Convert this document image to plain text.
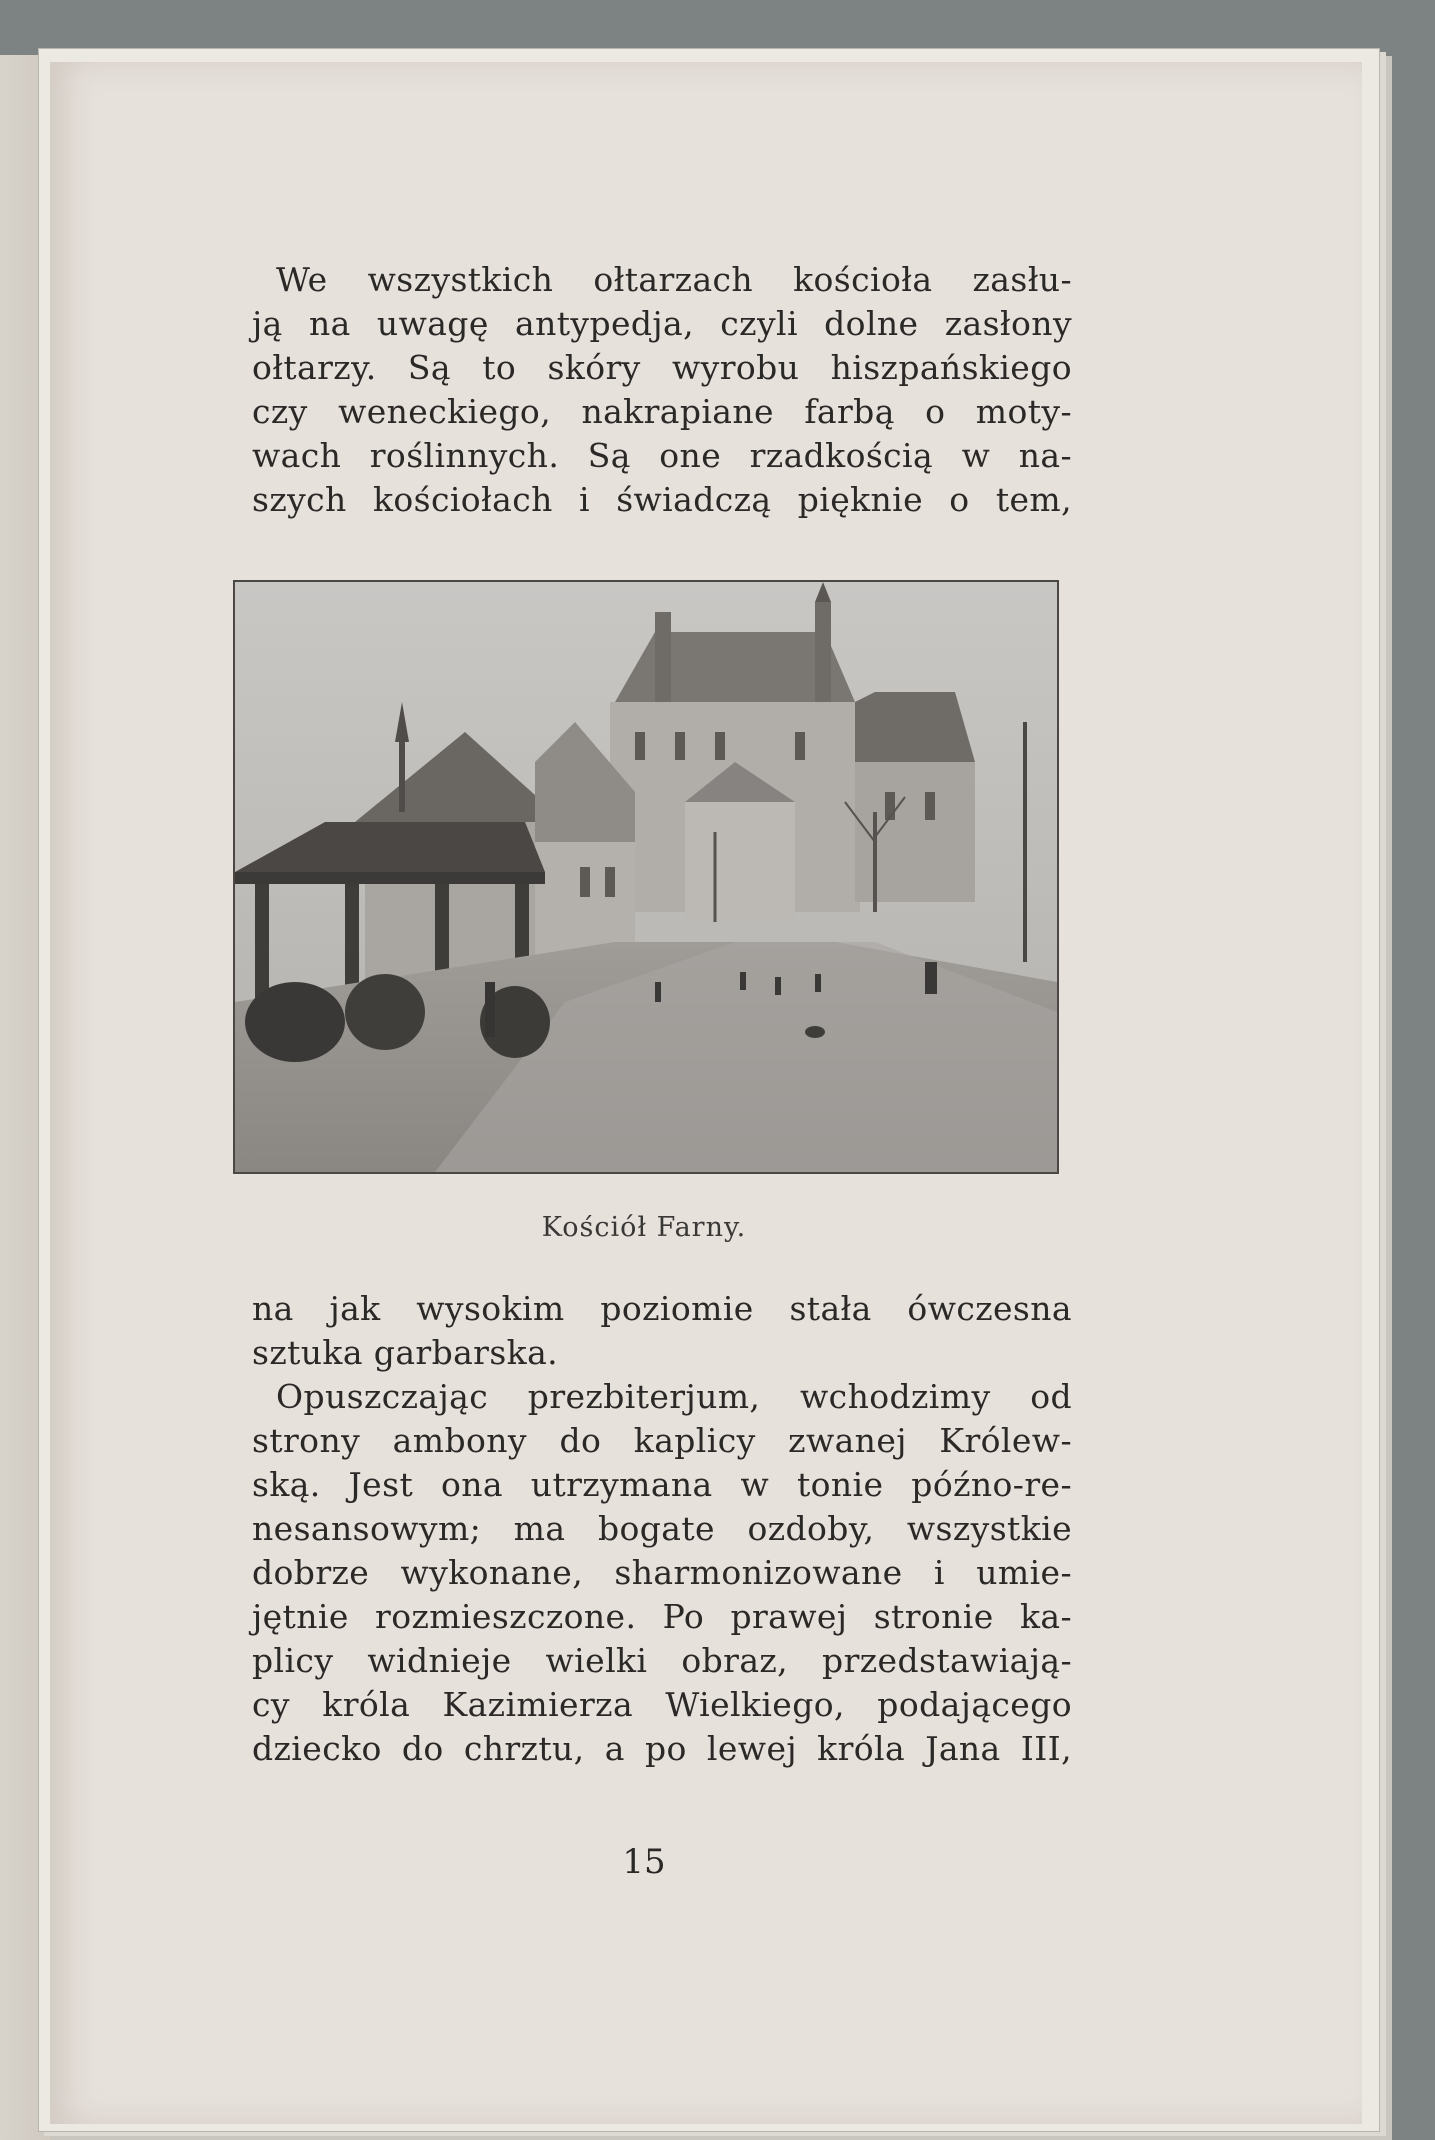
We wszystkich ołtarzach kościoła zasłu-
ją na uwagę antypedja, czyli dolne zasłony
ołtarzy. Są to skóry wyrobu hiszpańskiego
czy weneckiego, nakrapiane farbą o moty-
wach roślinnych. Są one rzadkością w na-
szych kościołach i świadczą pięknie o tem,
Kościół Farny.
na jak wysokim poziomie stała ówczesna
sztuka garbarska.
Opuszczając prezbiterjum, wchodzimy od
strony ambony do kaplicy zwanej Królew-
ską. Jest ona utrzymana w tonie późno-re-
nesansowym; ma bogate ozdoby, wszystkie
dobrze wykonane, sharmonizowane i umie-
jętnie rozmieszczone. Po prawej stronie ka-
plicy widnieje wielki obraz, przedstawiają-
cy króla Kazimierza Wielkiego, podającego
dziecko do chrztu, a po lewej króla Jana III,
15
